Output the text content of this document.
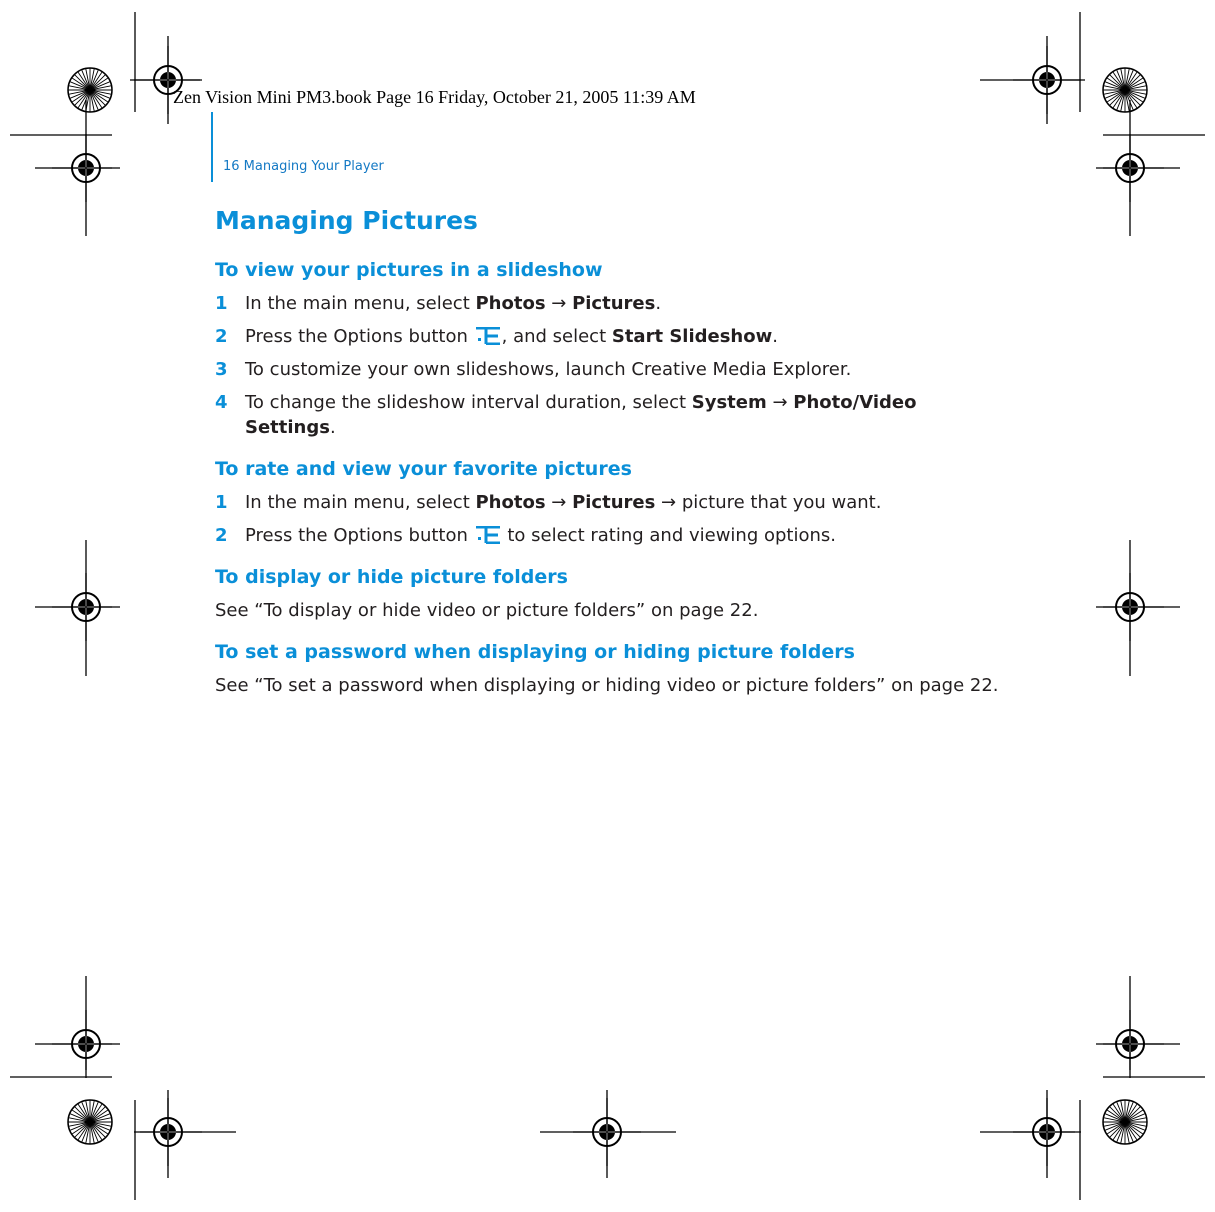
Zen Vision Mini PM3.book Page 16 Friday, October 21, 2005 11:39 AM
16 Managing Your Player
Managing Pictures
To view your pictures in a slideshow
1 In the main menu, select Photos → Pictures.
2 Press the Options button , and select Start Slideshow.
3 To customize your own slideshows, launch Creative Media Explorer.
4 To change the slideshow interval duration, select System → Photo/Video Settings.
To rate and view your favorite pictures
1 In the main menu, select Photos → Pictures → picture that you want.
2 Press the Options button  to select rating and viewing options.
To display or hide picture folders

See “To display or hide video or picture folders” on page 22.

To set a password when displaying or hiding picture folders

See “To set a password when displaying or hiding video or picture folders” on page 22.
